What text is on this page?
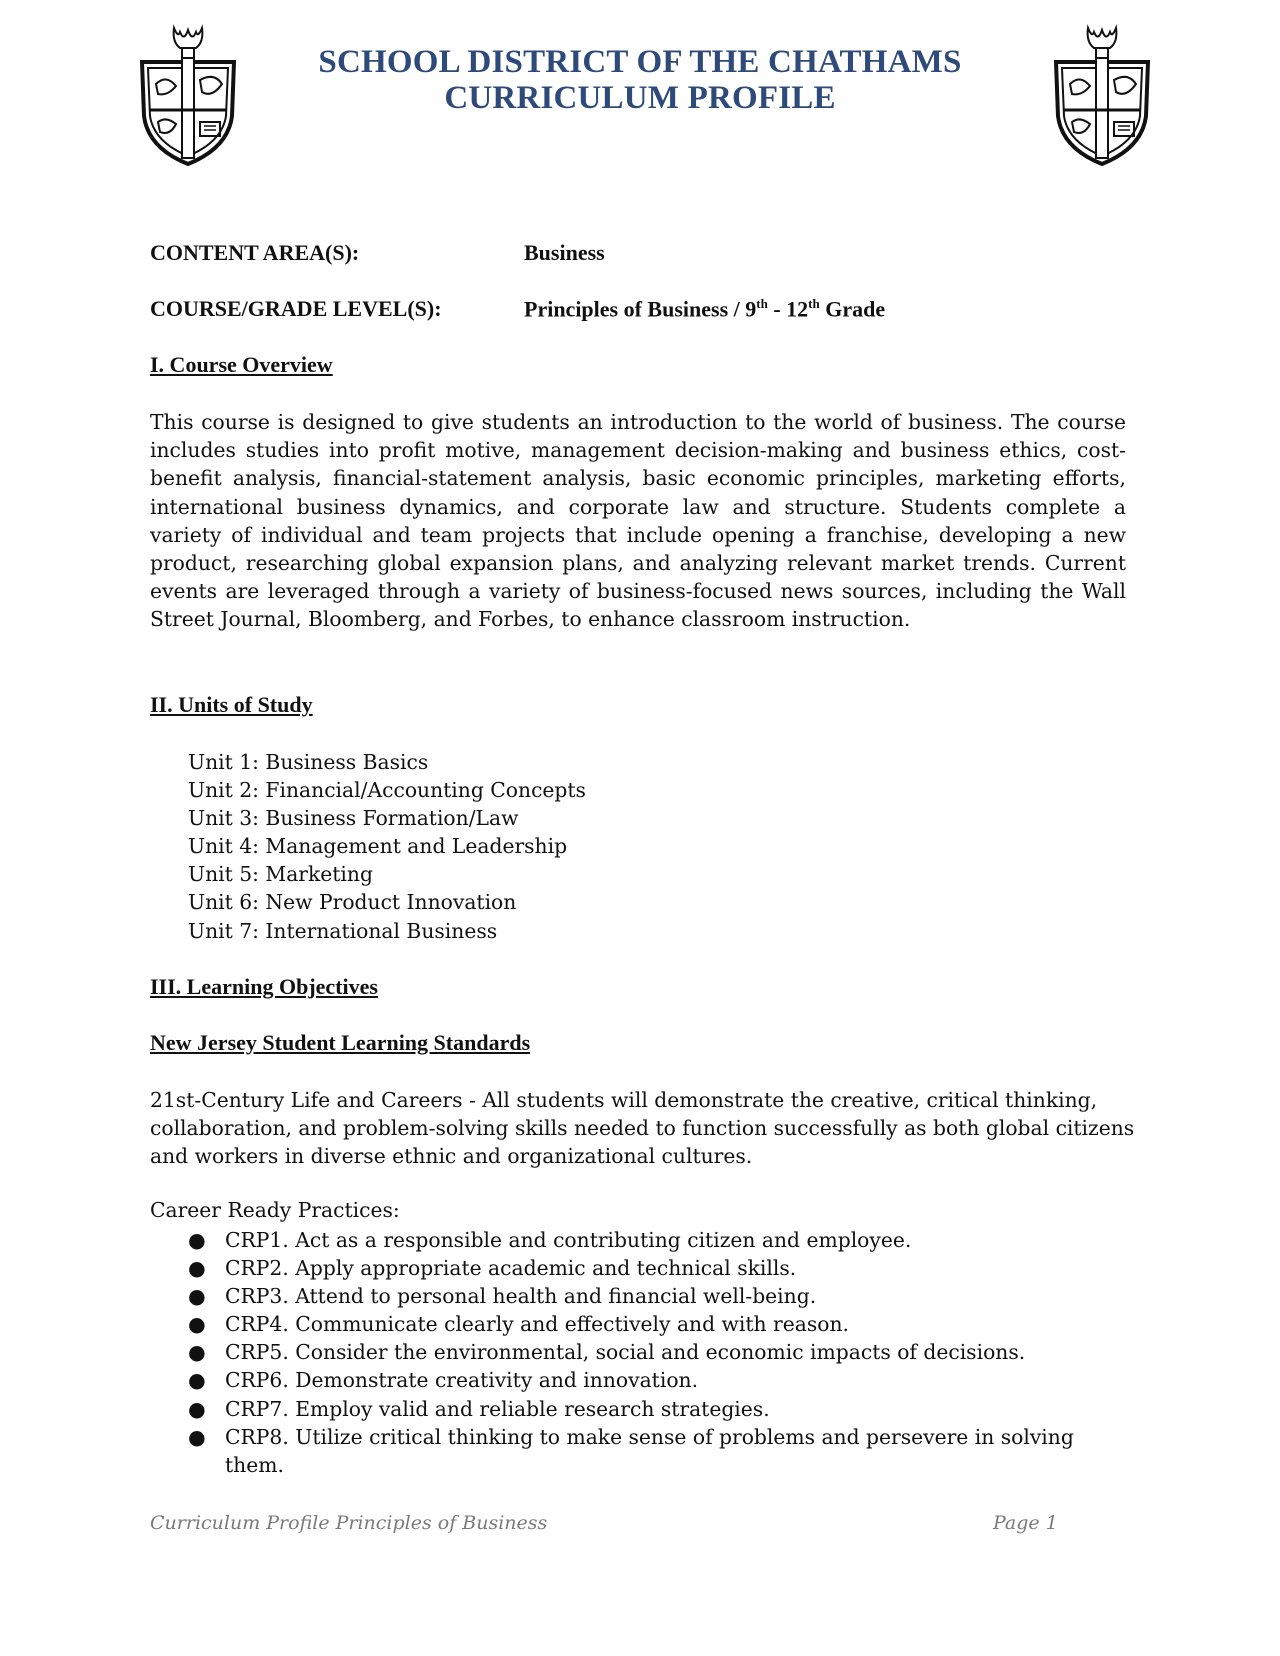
SCHOOL DISTRICT OF THE CHATHAMS
CURRICULUM PROFILE
CONTENT AREA(S):	Business
COURSE/GRADE LEVEL(S):	Principles of Business / 9th - 12th Grade
I. Course Overview
This course is designed to give students an introduction to the world of business. The course includes studies into profit motive, management decision-making and business ethics, cost-benefit analysis, financial-statement analysis, basic economic principles, marketing efforts, international business dynamics, and corporate law and structure. Students complete a variety of individual and team projects that include opening a franchise, developing a new product, researching global expansion plans, and analyzing relevant market trends. Current events are leveraged through a variety of business-focused news sources, including the Wall Street Journal, Bloomberg, and Forbes, to enhance classroom instruction.
II. Units of Study
Unit 1: Business Basics
Unit 2: Financial/Accounting Concepts
Unit 3: Business Formation/Law
Unit 4: Management and Leadership
Unit 5: Marketing
Unit 6: New Product Innovation
Unit 7: International Business
III. Learning Objectives
New Jersey Student Learning Standards
21st-Century Life and Careers - All students will demonstrate the creative, critical thinking, collaboration, and problem-solving skills needed to function successfully as both global citizens and workers in diverse ethnic and organizational cultures.
Career Ready Practices:
● CRP1. Act as a responsible and contributing citizen and employee.
● CRP2. Apply appropriate academic and technical skills.
● CRP3. Attend to personal health and financial well-being.
● CRP4. Communicate clearly and effectively and with reason.
● CRP5. Consider the environmental, social and economic impacts of decisions.
● CRP6. Demonstrate creativity and innovation.
● CRP7. Employ valid and reliable research strategies.
● CRP8. Utilize critical thinking to make sense of problems and persevere in solving them.
Curriculum Profile Principles of Business	Page 1
